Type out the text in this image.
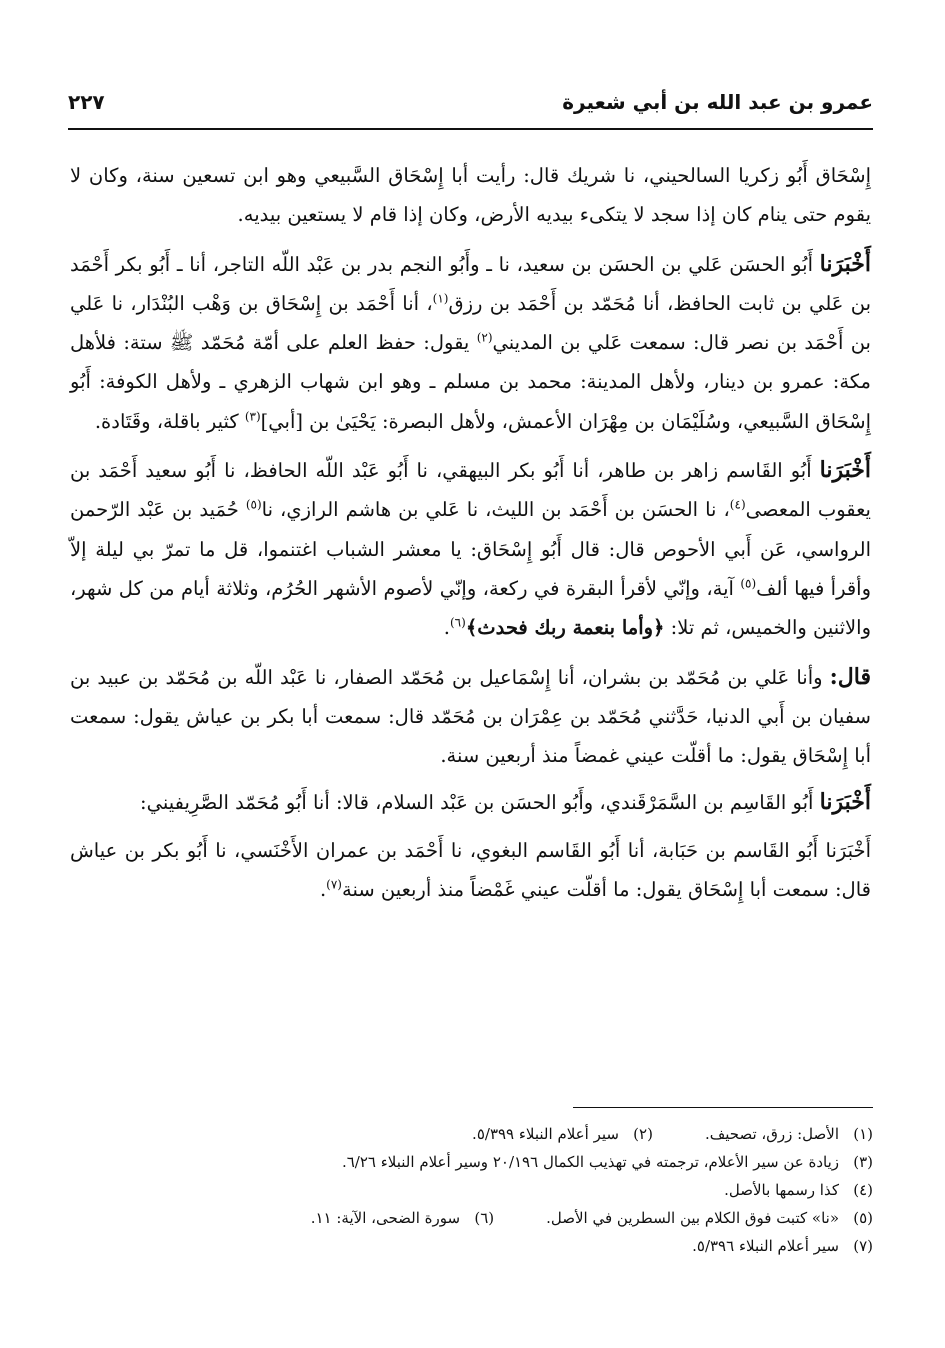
عمرو بن عبد الله بن أبي شعيرة
٢٢٧

إِسْحَاق أَبُو زكريا السالحيني، نا شريك قال: رأيت أبا إِسْحَاق السَّبيعي وهو ابن تسعين سنة، وكان لا يقوم حتى ينام كان إذا سجد لا يتكىء بيديه الأرض، وكان إذا قام لا يستعين بيديه.

أَخْبَرَنا أَبُو الحسَن عَلي بن الحسَن بن سعيد، نا ـ وأَبُو النجم بدر بن عَبْد اللّه التاجر، أنا ـ أَبُو بكر أَحْمَد بن عَلي بن ثابت الحافظ، أنا مُحَمّد بن أَحْمَد بن رزق$^{(١)}$، أنا أَحْمَد بن إِسْحَاق بن وَهْب البُنْدَار، نا عَلي بن أَحْمَد بن نصر قال: سمعت عَلي بن المديني$^{(٢)}$ يقول: حفظ العلم على أمّة مُحَمّد ﷺ ستة: فلأهل مكة: عمرو بن دينار، ولأهل المدينة: محمد بن مسلم ـ وهو ابن شهاب الزهري ـ ولأهل الكوفة: أَبُو إِسْحَاق السَّبيعي، وسُلَيْمَان بن مِهْرَان الأعمش، ولأهل البصرة: يَحْيَىٰ بن [أبي]$^{(٣)}$ كثير باقلة، وقَتَادة.

أَخْبَرَنا أَبُو القَاسم زاهر بن طاهر، أنا أَبُو بكر البيهقي، نا أَبُو عَبْد اللّه الحافظ، نا أَبُو سعيد أَحْمَد بن يعقوب المعصى$^{(٤)}$، نا الحسَن بن أَحْمَد بن الليث، نا عَلي بن هاشم الرازي، نا$^{(٥)}$ حُمَيد بن عَبْد الرّحمن الرواسي، عَن أَبي الأحوص قال: قال أَبُو إِسْحَاق: يا معشر الشباب اغتنموا، قل ما تمرّ بي ليلة إلاّ وأقرأ فيها ألف$^{(٥)}$ آية، وإنّي لأقرأ البقرة في ركعة، وإنّي لأصوم الأشهر الحُرُم، وثلاثة أيام من كل شهر، والاثنين والخميس، ثم تلا: ﴿وأما بنعمة ربك فحدث﴾$^{(٦)}$.

قال: وأنا عَلي بن مُحَمّد بن بشران، أنا إِسْمَاعيل بن مُحَمّد الصفار، نا عَبْد اللّه بن مُحَمّد بن عبيد بن سفيان بن أَبي الدنيا، حَدَّثني مُحَمّد بن عِمْرَان بن مُحَمّد قال: سمعت أبا بكر بن عياش يقول: سمعت أبا إِسْحَاق يقول: ما أقلّت عيني غمضاً منذ أربعين سنة.

أَخْبَرَنا أَبُو القَاسِم بن السَّمَرْقَندي، وأَبُو الحسَن بن عَبْد السلام، قالا: أنا أَبُو مُحَمّد الصَّرِيفيني:

أَخْبَرَنا أَبُو القَاسم بن حَبَابة، أنا أَبُو القَاسم البغوي، نا أَحْمَد بن عمران الأَخْنَسي، نا أَبُو بكر بن عياش قال: سمعت أبا إِسْحَاق يقول: ما أقلّت عيني غَمْضاً منذ أربعين سنة$^{(٧)}$.

(١)الأصل: زرق، تصحيف.(٢)سير أعلام النبلاء ٥/٣٩٩.
(٣)زيادة عن سير الأعلام، ترجمته في تهذيب الكمال ٢٠/١٩٦ وسير أعلام النبلاء ٦/٢٦.
(٤)كذا رسمها بالأصل.
(٥)«نا» كتبت فوق الكلام بين السطرين في الأصل.(٦)سورة الضحى، الآية: ١١.
(٧)سير أعلام النبلاء ٥/٣٩٦.
